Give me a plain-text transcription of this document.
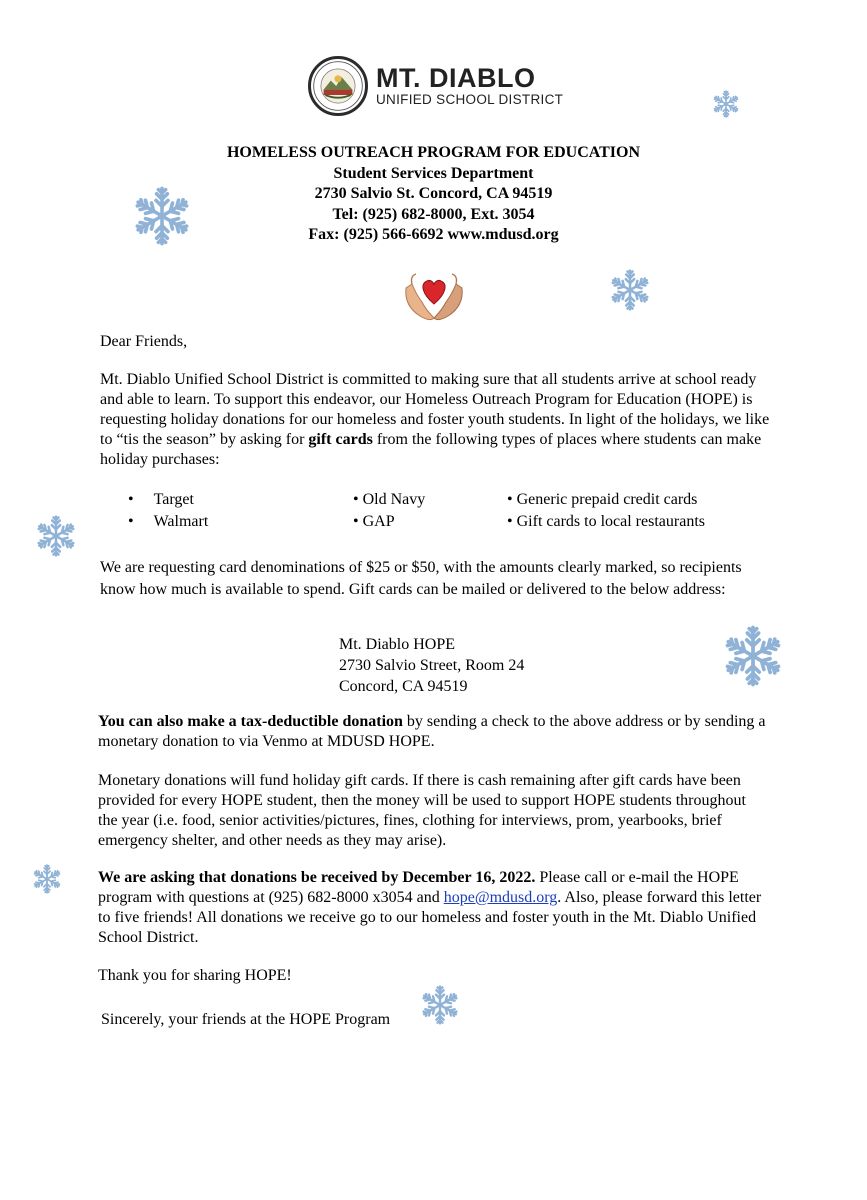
MT. DIABLO
UNIFIED SCHOOL DISTRICT
HOMELESS OUTREACH PROGRAM FOR EDUCATION
Student Services Department
2730 Salvio St. Concord, CA 94519
Tel: (925) 682-8000, Ext. 3054
Fax: (925) 566-6692 www.mdusd.org
Dear Friends,
Mt. Diablo Unified School District is committed to making sure that all students arrive at school ready and able to learn. To support this endeavor, our Homeless Outreach Program for Education (HOPE) is requesting holiday donations for our homeless and foster youth students. In light of the holidays, we like to “tis the season” by asking for gift cards from the following types of places where students can make holiday purchases:
•     Target
•     Walmart
• Old Navy
• GAP
• Generic prepaid credit cards
• Gift cards to local restaurants
We are requesting card denominations of $25 or $50, with the amounts clearly marked, so recipients know how much is available to spend. Gift cards can be mailed or delivered to the below address:
Mt. Diablo HOPE
2730 Salvio Street, Room 24
Concord, CA 94519
You can also make a tax-deductible donation by sending a check to the above address or by sending a monetary donation to via Venmo at MDUSD HOPE.
Monetary donations will fund holiday gift cards. If there is cash remaining after gift cards have been provided for every HOPE student, then the money will be used to support HOPE students throughout the year (i.e. food, senior activities/pictures, fines, clothing for interviews, prom, yearbooks, brief emergency shelter, and other needs as they may arise).
We are asking that donations be received by December 16, 2022. Please call or e-mail the HOPE program with questions at (925) 682-8000 x3054 and hope@mdusd.org. Also, please forward this letter to five friends! All donations we receive go to our homeless and foster youth in the Mt. Diablo Unified School District.
Thank you for sharing HOPE!
Sincerely, your friends at the HOPE Program
